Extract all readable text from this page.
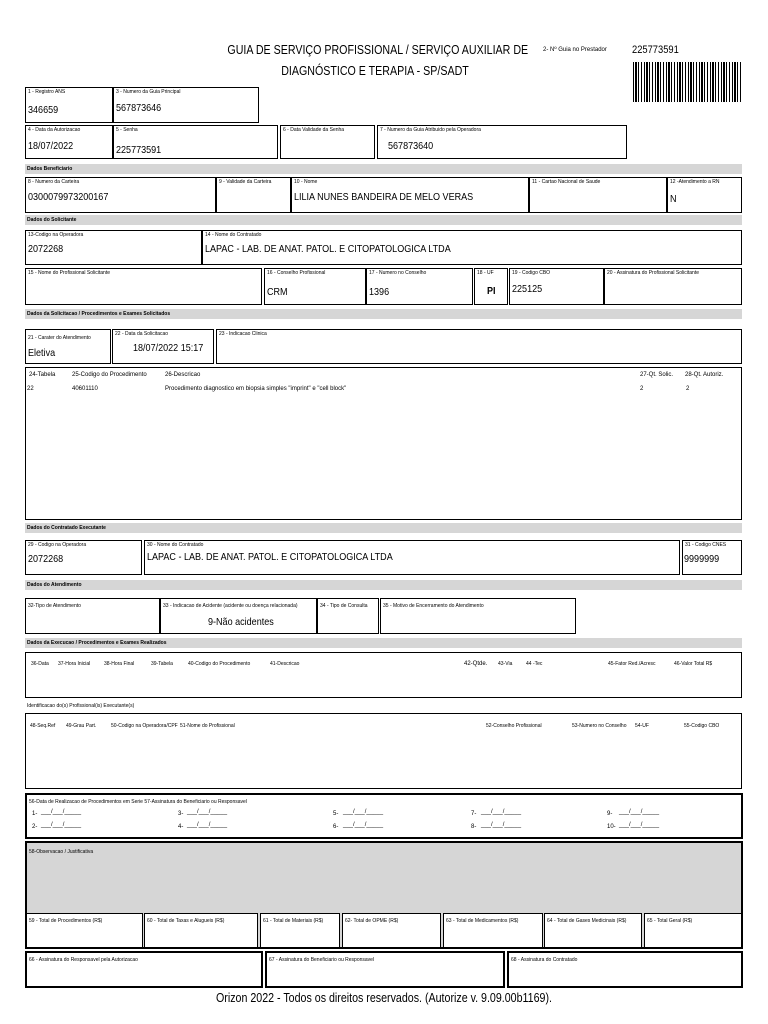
GUIA DE SERVIÇO PROFISSIONAL / SERVIÇO AUXILIAR DE
DIAGNÓSTICO E TERAPIA - SP/SADT
2- Nº Guia no Prestador 225773591
1 - Registro ANS
346659
3 - Numero da Guia Principal
567873646
4 - Data da Autorizacao
18/07/2022
5 - Senha
225773591
6 - Data Validade da Senha	7 - Numero da Guia Atribuido pela Operadora
567873640
Dados Beneficiario
8 - Numero da Carteira
0300079973200167
9 - Validade da Carteira	10 - Nome
LILIA NUNES BANDEIRA DE MELO VERAS
11 - Cartao Nacional de Saude	12 -Atendimento a RN
N
Dados do Solicitante
13-Codigo na Operadora
2072268
14 - Nome do Contratado
LAPAC - LAB. DE ANAT. PATOL. E CITOPATOLOGICA LTDA
15 - Nome do Profissional Solicitante	16 - Conselho Profissional
CRM
17 - Numero no Conselho
1396
18 - UF
PI
19 - Codigo CBO
225125
20 - Assinatura do Profissional Solicitante
Dados da Solicitacao / Procedimentos e Exames Solicitados
21 - Carater do Atendimento
Eletiva
22 - Data da Solicitacao
18/07/2022 15:17
23 - Indicacao Clinica
24-Tabela	25-Codigo do Procedimento	26-Descricao	27-Qt. Solic. 28-Qt. Autoriz.
22	40601110	Procedimento diagnostico em biopsia simples "imprint" e "cell block"	2	2
Dados do Contratado Executante
29 - Codigo na Operadora
2072268
30 - Nome do Contratado
LAPAC - LAB. DE ANAT. PATOL. E CITOPATOLOGICA LTDA
31 - Codigo CNES
9999999
Dados do Atendimento
32-Tipo de Atendimento	33 - Indicacao de Acidente (acidente ou doença relacionada)
9-Não acidentes
34 - Tipo de Consulta	35 - Motivo de Encerramento do Atendimento
Dados da Execucao / Procedimentos e Exames Realizados
36-Data 37-Hora Inicial	38-Hora Final	39-Tabela	40-Codigo do Procedimento	41-Descricao	42-Qtde. 43-Via	44 -Tec	45-Fator Red./Acresc	46-Valor Total R$
Identificacao do(s) Profissional(is) Executante(s)
48-Seq.Ref 49-Grau Part.	50-Codigo na Operadora/CPF 51-Nome do Profissional	52-Conselho Profissional	53-Numero no Conselho 54-UF	55-Codigo CBO
56-Data de Realizacao de Procedimentos em Serie 57-Assinatura do Beneficiario ou Responsavel
1- ___/___/_____
2- ___/___/_____
3- ___/___/_____
4- ___/___/_____
5- ___/___/_____
6- ___/___/_____
7- ___/___/_____
8- ___/___/_____
9- ___/___/_____
10- ___/___/_____
58-Observacao / Justificativa
59 - Total de Procedimentos (R$)	60 - Total de Taxas e Alugueis (R$)	61 - Total de Materiais (R$)	62- Total de OPME (R$)	63 - Total de Medicamentos (R$)	64 - Total de Gases Medicinais (R$)	65 - Total Geral (R$)
66 - Assinatura do Responsavel pela Autorizacao	67 - Assinatura do Beneficiario ou Responsavel	68 - Assinatura do Contratado
Orizon 2022 - Todos os direitos reservados. (Autorize v. 9.09.00b1169).
